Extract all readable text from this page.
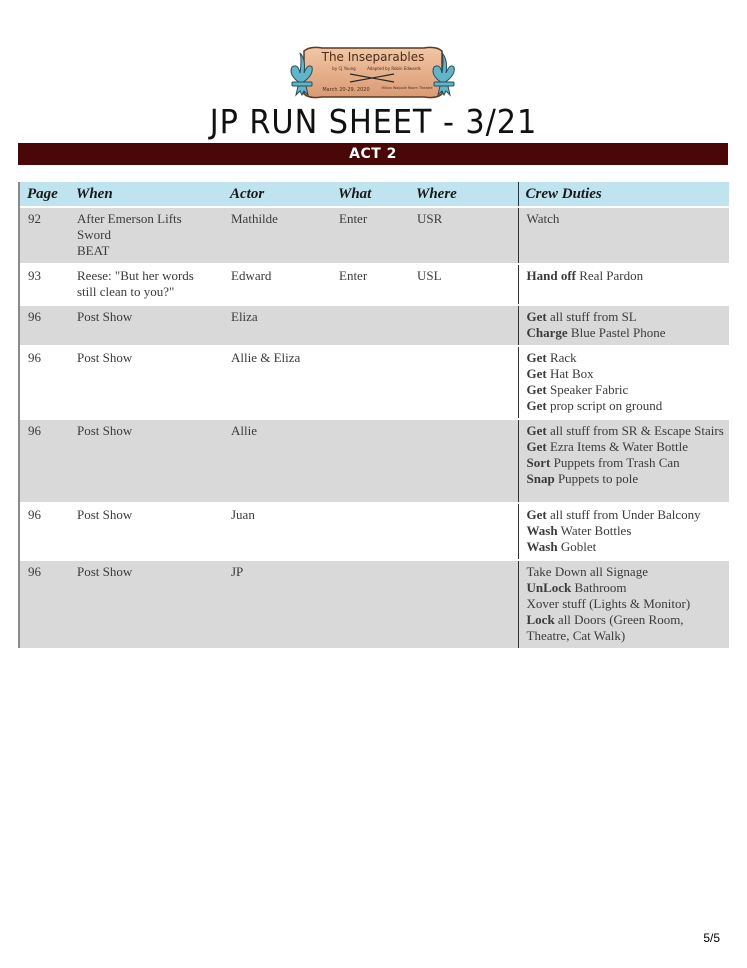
The Inseparables
by CJ Young	Adapted by Robin Edwards
March 20-29, 2020	Hilton Walpole Room Theatre
JP RUN SHEET - 3/21
ACT 2
Page	When	Actor	What	Where	Crew Duties
92	After Emerson Lifts
Sword
BEAT	Mathilde	Enter	USR	Watch

93	Reese: "But her words
still clean to you?"	Edward	Enter	USL	Hand off Real Pardon

96	Post Show	Eliza			Get all stuff from SL
Charge Blue Pastel Phone

96	Post Show	Allie & Eliza			Get Rack
Get Hat Box
Get Speaker Fabric
Get prop script on ground

96	Post Show	Allie			Get all stuff from SR & Escape Stairs
Get Ezra Items & Water Bottle
Sort Puppets from Trash Can
Snap Puppets to pole

96	Post Show	Juan			Get all stuff from Under Balcony
Wash Water Bottles
Wash Goblet

96	Post Show	JP			Take Down all Signage
UnLock Bathroom
Xover stuff (Lights & Monitor)
Lock all Doors (Green Room, Theatre, Cat Walk)
5/5
